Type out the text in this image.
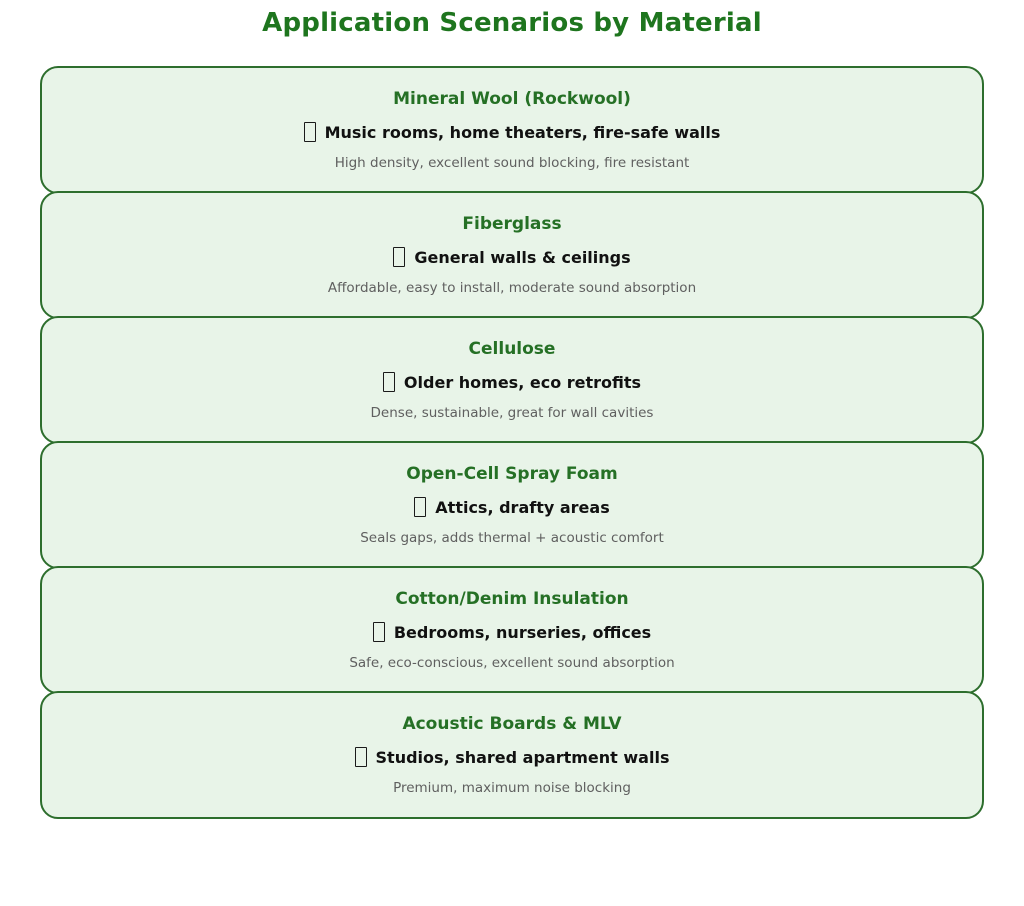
Application Scenarios by Material
Mineral Wool (Rockwool)
Music rooms, home theaters, fire-safe walls
High density, excellent sound blocking, fire resistant
Fiberglass
General walls & ceilings
Affordable, easy to install, moderate sound absorption
Cellulose
Older homes, eco retrofits
Dense, sustainable, great for wall cavities
Open-Cell Spray Foam
Attics, drafty areas
Seals gaps, adds thermal + acoustic comfort
Cotton/Denim Insulation
Bedrooms, nurseries, offices
Safe, eco-conscious, excellent sound absorption
Acoustic Boards & MLV
Studios, shared apartment walls
Premium, maximum noise blocking
